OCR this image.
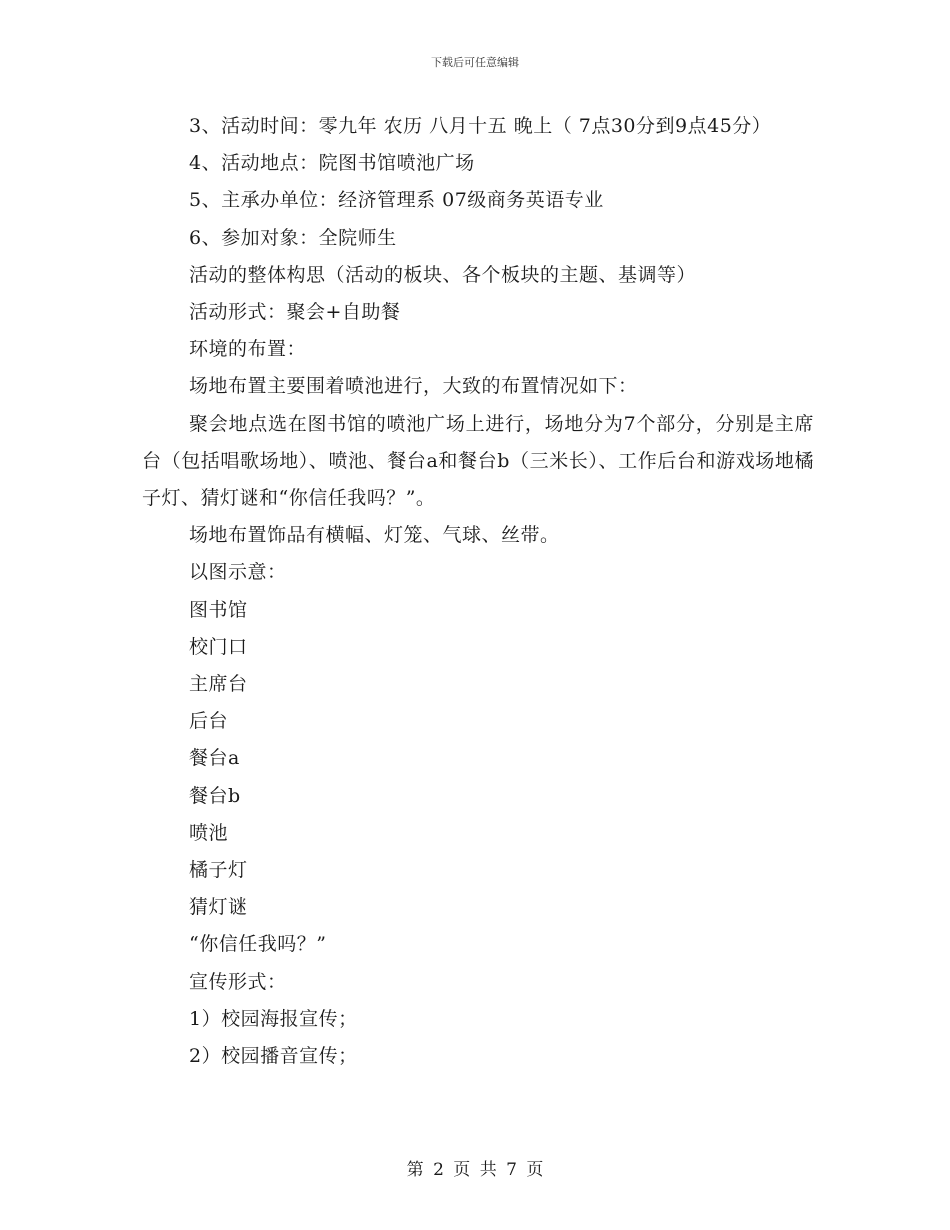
下载后可任意编辑

3、活动时间：零九年 农历 八月十五 晚上（ 7点30分到9点45分）

4、活动地点：院图书馆喷池广场

5、主承办单位：经济管理系 07级商务英语专业

6、参加对象：全院师生

活动的整体构思（活动的板块、各个板块的主题、基调等）

活动形式：聚会+自助餐

环境的布置：

场地布置主要围着喷池进行，大致的布置情况如下：

聚会地点选在图书馆的喷池广场上进行，场地分为7个部分，分别是主席台（包括唱歌场地）、喷池、餐台a和餐台b（三米长）、工作后台和游戏场地橘子灯、猜灯谜和“你信任我吗？”。

场地布置饰品有横幅、灯笼、气球、丝带。

以图示意：

图书馆

校门口

主席台

后台

餐台a

餐台b

喷池

橘子灯

猜灯谜

“你信任我吗？”

宣传形式：

1）校园海报宣传；

2）校园播音宣传；

第 2 页 共 7 页
